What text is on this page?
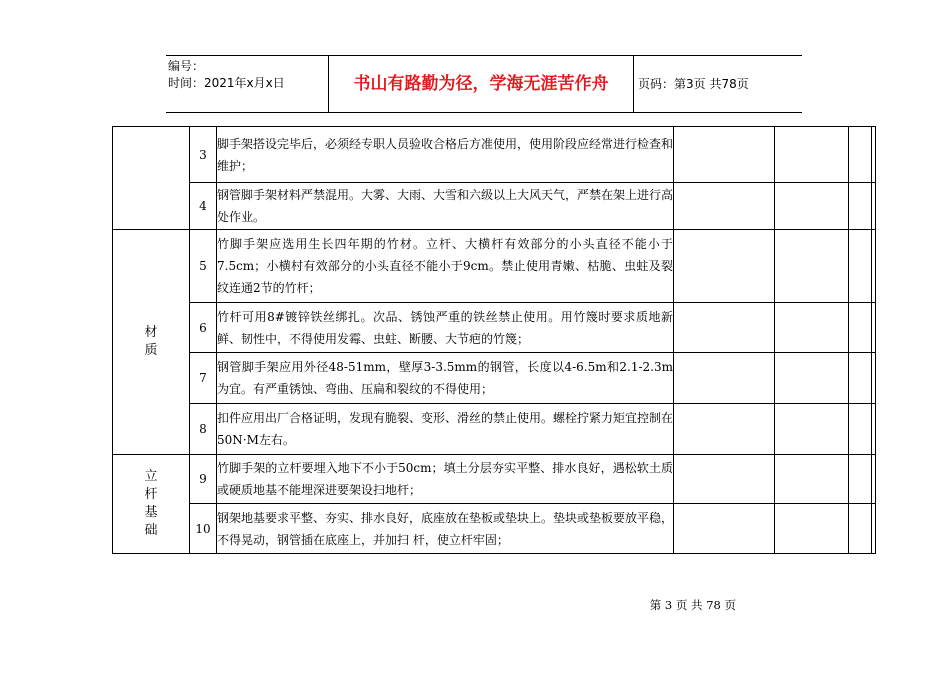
编号：
时间：2021年x月x日	书山有路勤为径，学海无涯苦作舟	页码：第3页 共78页
	3	脚手架搭设完毕后，必须经专职人员验收合格后方准使用，使用阶段应经常进行检查和维护；				
	4	钢管脚手架材料严禁混用。大雾、大雨、大雪和六级以上大风天气，严禁在架上进行高处作业。				
材　质	5	竹脚手架应选用生长四年期的竹材。立杆、大横杆有效部分的小头直径不能小于7.5cm；小横村有效部分的小头直径不能小于9cm。禁止使用青嫩、枯脆、虫蛀及裂纹连通2节的竹杆；				
	6	竹杆可用8#镀锌铁丝绑扎。次品、锈蚀严重的铁丝禁止使用。用竹篾时要求质地新鲜、韧性中，不得使用发霉、虫蛀、断腰、大节疤的竹篾；				
	7	钢管脚手架应用外径48-51mm，壁厚3-3.5mm的钢管，长度以4-6.5m和2.1-2.3m为宜。有严重锈蚀、弯曲、压扁和裂纹的不得使用；				
	8	扣件应用出厂合格证明，发现有脆裂、变形、滑丝的禁止使用。螺栓拧紧力矩宜控制在50N·M左右。				
立杆基础	9	竹脚手架的立杆要埋入地下不小于50cm；填土分层夯实平整、排水良好，遇松软土质或硬质地基不能埋深进要架设扫地杆；				
	10	钢架地基要求平整、夯实、排水良好，底座放在垫板或垫块上。垫块或垫板要放平稳，不得晃动，钢管插在底座上，并加扫 杆，使立杆牢固；				
第 3 页 共 78 页
